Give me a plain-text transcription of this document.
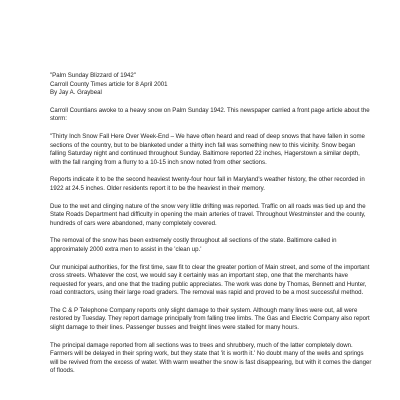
"Palm Sunday Blizzard of 1942"
Carroll County Times article for 8 April 2001
By Jay A. Graybeal

Carroll Countians awoke to a heavy snow on Palm Sunday 1942. This newspaper carried a front page article about the storm:

"Thirty Inch Snow Fall Here Over Week-End – We have often heard and read of deep snows that have fallen in some sections of the country, but to be blanketed under a thirty inch fall was something new to this vicinity. Snow began falling Saturday night and continued throughout Sunday. Baltimore reported 22 inches, Hagerstown a similar depth, with the fall ranging from a flurry to a 10-15 inch snow noted from other sections.

Reports indicate it to be the second heaviest twenty-four hour fall in Maryland's weather history, the other recorded in 1922 at 24.5 inches. Older residents report it to be the heaviest in their memory.

Due to the wet and clinging nature of the snow very little drifting was reported. Traffic on all roads was tied up and the State Roads Department had difficulty in opening the main arteries of travel. Throughout Westminster and the county, hundreds of cars were abandoned, many completely covered.

The removal of the snow has been extremely costly throughout all sections of the state. Baltimore called in approximately 2000 extra men to assist in the 'clean up.'

Our municipal authorities, for the first time, saw fit to clear the greater portion of Main street, and some of the important cross streets. Whatever the cost, we would say it certainly was an important step, one that the merchants have requested for years, and one that the trading public appreciates. The work was done by Thomas, Bennett and Hunter, road contractors, using their large road graders. The removal was rapid and proved to be a most successful method.

The C & P Telephone Company reports only slight damage to their system. Although many lines were out, all were restored by Tuesday. They report damage principally from falling tree limbs. The Gas and Electric Company also report slight damage to their lines. Passenger busses and freight lines were stalled for many hours.

The principal damage reported from all sections was to trees and shrubbery, much of the latter completely down. Farmers will be delayed in their spring work, but they state that 'it is worth it.' No doubt many of the wells and springs will be revived from the excess of water. With warm weather the snow is fast disappearing, but with it comes the danger of floods.
